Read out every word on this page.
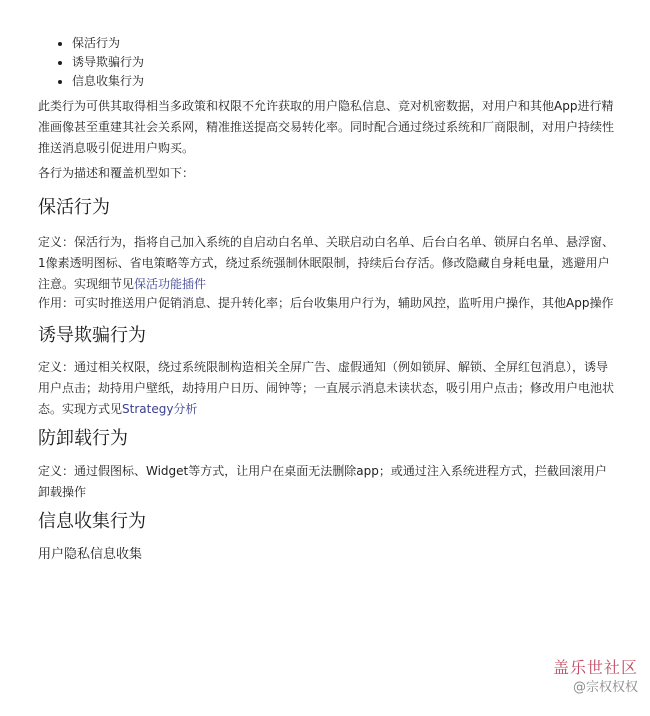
• 保活行为
• 诱导欺骗行为
• 信息收集行为

此类行为可供其取得相当多政策和权限不允许获取的用户隐私信息、竞对机密数据，对用户和其他App进行精准画像甚至重建其社会关系网，精准推送提高交易转化率。同时配合通过绕过系统和厂商限制，对用户持续性推送消息吸引促进用户购买。

各行为描述和覆盖机型如下：

保活行为

定义：保活行为，指将自己加入系统的自启动白名单、关联启动白名单、后台白名单、锁屏白名单、悬浮窗、1像素透明图标、省电策略等方式，绕过系统强制休眠限制，持续后台存活。修改隐藏自身耗电量，逃避用户注意。实现细节见保活功能插件

作用：可实时推送用户促销消息、提升转化率；后台收集用户行为，辅助风控，监听用户操作，其他App操作

诱导欺骗行为

定义：通过相关权限，绕过系统限制构造相关全屏广告、虚假通知（例如锁屏、解锁、全屏红包消息），诱导用户点击；劫持用户壁纸，劫持用户日历、闹钟等；一直展示消息未读状态，吸引用户点击；修改用户电池状态。实现方式见Strategy分析

防卸载行为

定义：通过假图标、Widget等方式，让用户在桌面无法删除app；或通过注入系统进程方式，拦截回滚用户卸载操作

信息收集行为

用户隐私信息收集

盖乐世社区
@宗权权权
